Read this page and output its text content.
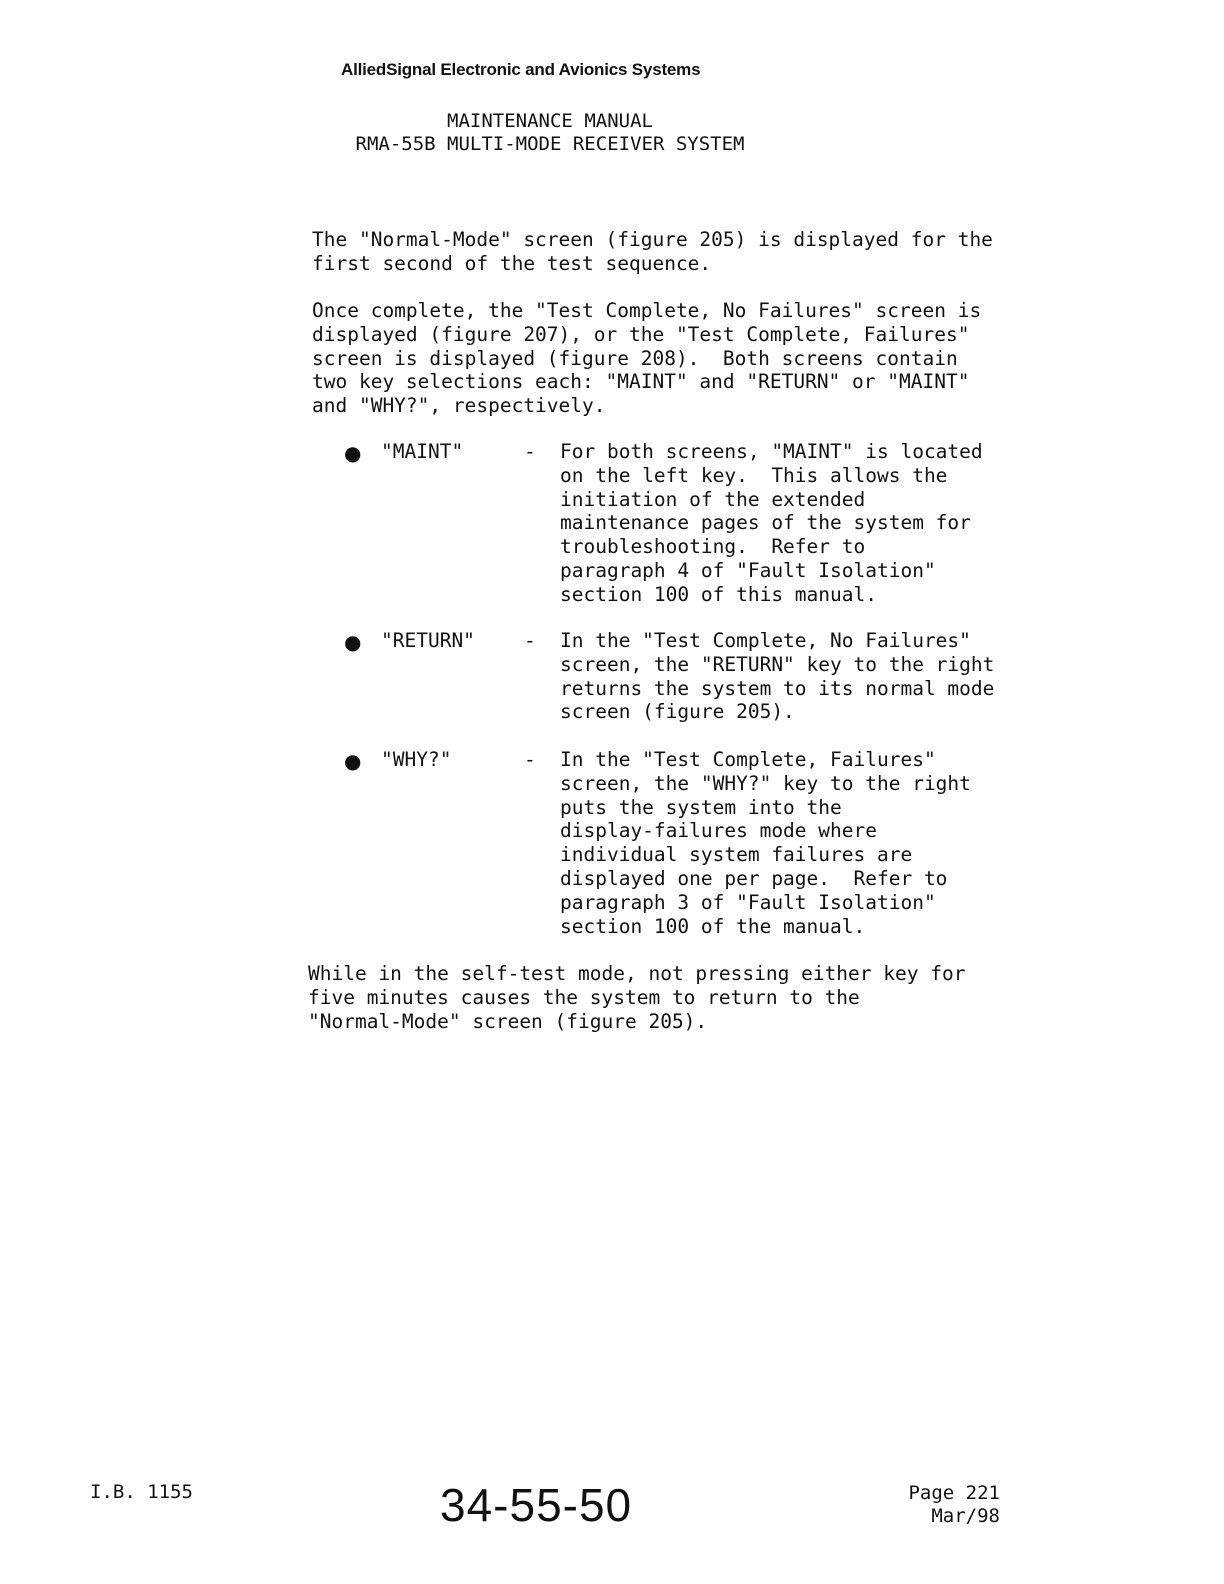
AlliedSignal Electronic and Avionics Systems
MAINTENANCE MANUAL
RMA-55B MULTI-MODE RECEIVER SYSTEM
The "Normal-Mode" screen (figure 205) is displayed for the
first second of the test sequence.
Once complete, the "Test Complete, No Failures" screen is
displayed (figure 207), or the "Test Complete, Failures"
screen is displayed (figure 208).  Both screens contain
two key selections each: "MAINT" and "RETURN" or "MAINT"
and "WHY?", respectively.
● "MAINT"	- For both screens, "MAINT" is located
on the left key.  This allows the
initiation of the extended
maintenance pages of the system for
troubleshooting.  Refer to
paragraph 4 of "Fault Isolation"
section 100 of this manual.
● "RETURN"	- In the "Test Complete, No Failures"
screen, the "RETURN" key to the right
returns the system to its normal mode
screen (figure 205).
● "WHY?"	- In the "Test Complete, Failures"
screen, the "WHY?" key to the right
puts the system into the
display-failures mode where
individual system failures are
displayed one per page.  Refer to
paragraph 3 of "Fault Isolation"
section 100 of the manual.
While in the self-test mode, not pressing either key for
five minutes causes the system to return to the
"Normal-Mode" screen (figure 205).
I.B. 1155	34-55-50	Page 221
Mar/98
